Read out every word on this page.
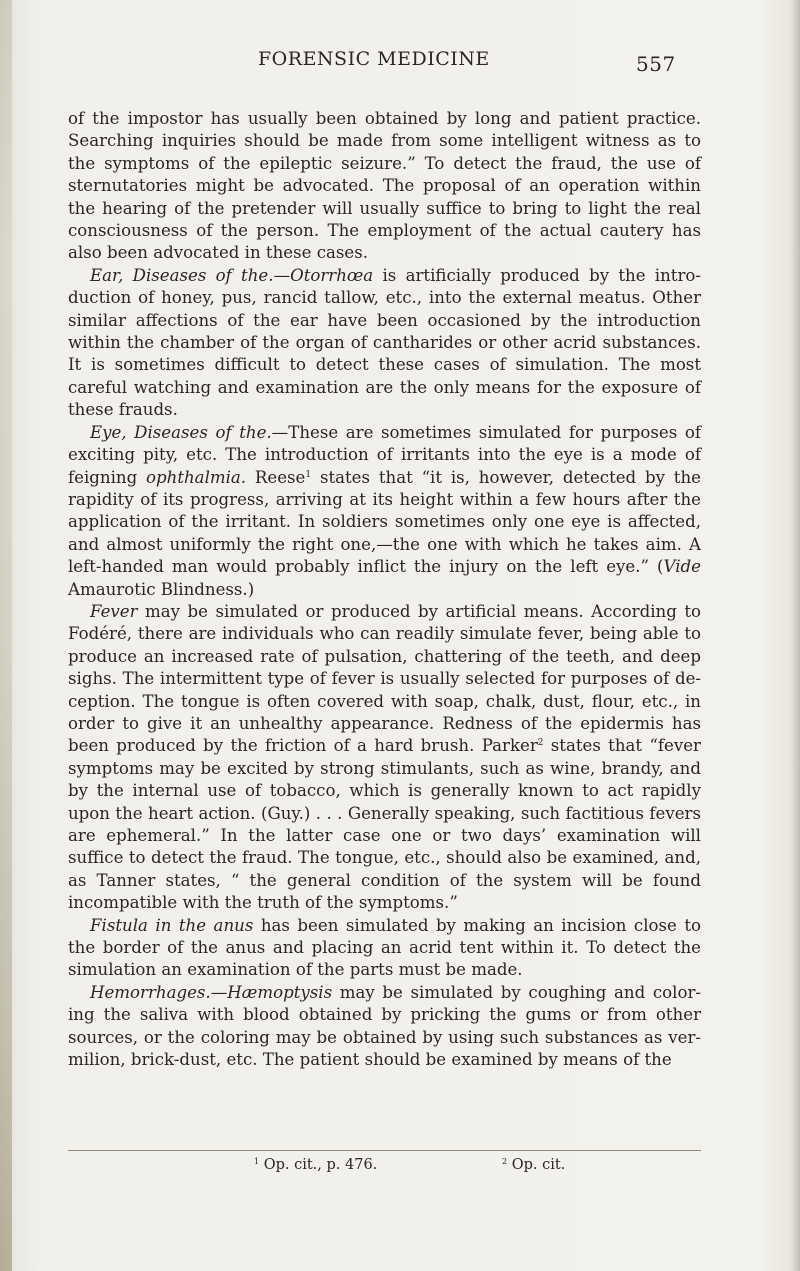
FORENSIC MEDICINE	557

of the impostor has usually been obtained by long and patient practice. Searching inquiries should be made from some intelligent witness as to the symptoms of the epileptic seizure.” To detect the fraud, the use of sternutatories might be advocated. The proposal of an operation within the hearing of the pretender will usually suffice to bring to light the real consciousness of the person. The employment of the actual cautery has also been advocated in these cases.

Ear, Diseases of the.—Otorrhœa is artificially produced by the introduction of honey, pus, rancid tallow, etc., into the external meatus. Other similar affections of the ear have been occasioned by the introduction within the chamber of the organ of cantharides or other acrid substances. It is sometimes difficult to detect these cases of simulation. The most careful watching and examination are the only means for the exposure of these frauds.

Eye, Diseases of the.—These are sometimes simulated for purposes of exciting pity, etc. The introduction of irritants into the eye is a mode of feigning ophthalmia. Reese$^1$ states that “it is, however, detected by the rapidity of its progress, arriving at its height within a few hours after the application of the irritant. In soldiers sometimes only one eye is affected, and almost uniformly the right one,—the one with which he takes aim. A left-handed man would probably inflict the injury on the left eye.” (Vide Amaurotic Blindness.)

Fever may be simulated or produced by artificial means. According to Fodéré, there are individuals who can readily simulate fever, being able to produce an increased rate of pulsation, chattering of the teeth, and deep sighs. The intermittent type of fever is usually selected for purposes of deception. The tongue is often covered with soap, chalk, dust, flour, etc., in order to give it an unhealthy appearance. Redness of the epidermis has been produced by the friction of a hard brush. Parker$^2$ states that “fever symptoms may be excited by strong stimulants, such as wine, brandy, and by the internal use of tobacco, which is generally known to act rapidly upon the heart action. (Guy.) . . . Generally speaking, such factitious fevers are ephemeral.” In the latter case one or two days’ examination will suffice to detect the fraud. The tongue, etc., should also be examined, and, as Tanner states, “ the general condition of the system will be found incompatible with the truth of the symptoms.”

Fistula in the anus has been simulated by making an incision close to the border of the anus and placing an acrid tent within it. To detect the simulation an examination of the parts must be made.

Hemorrhages.—Hæmoptysis may be simulated by coughing and coloring the saliva with blood obtained by pricking the gums or from other sources, or the coloring may be obtained by using such substances as vermilion, brick-dust, etc. The patient should be examined by means of the

$^1$ Op. cit., p. 476.	$^2$ Op. cit.
